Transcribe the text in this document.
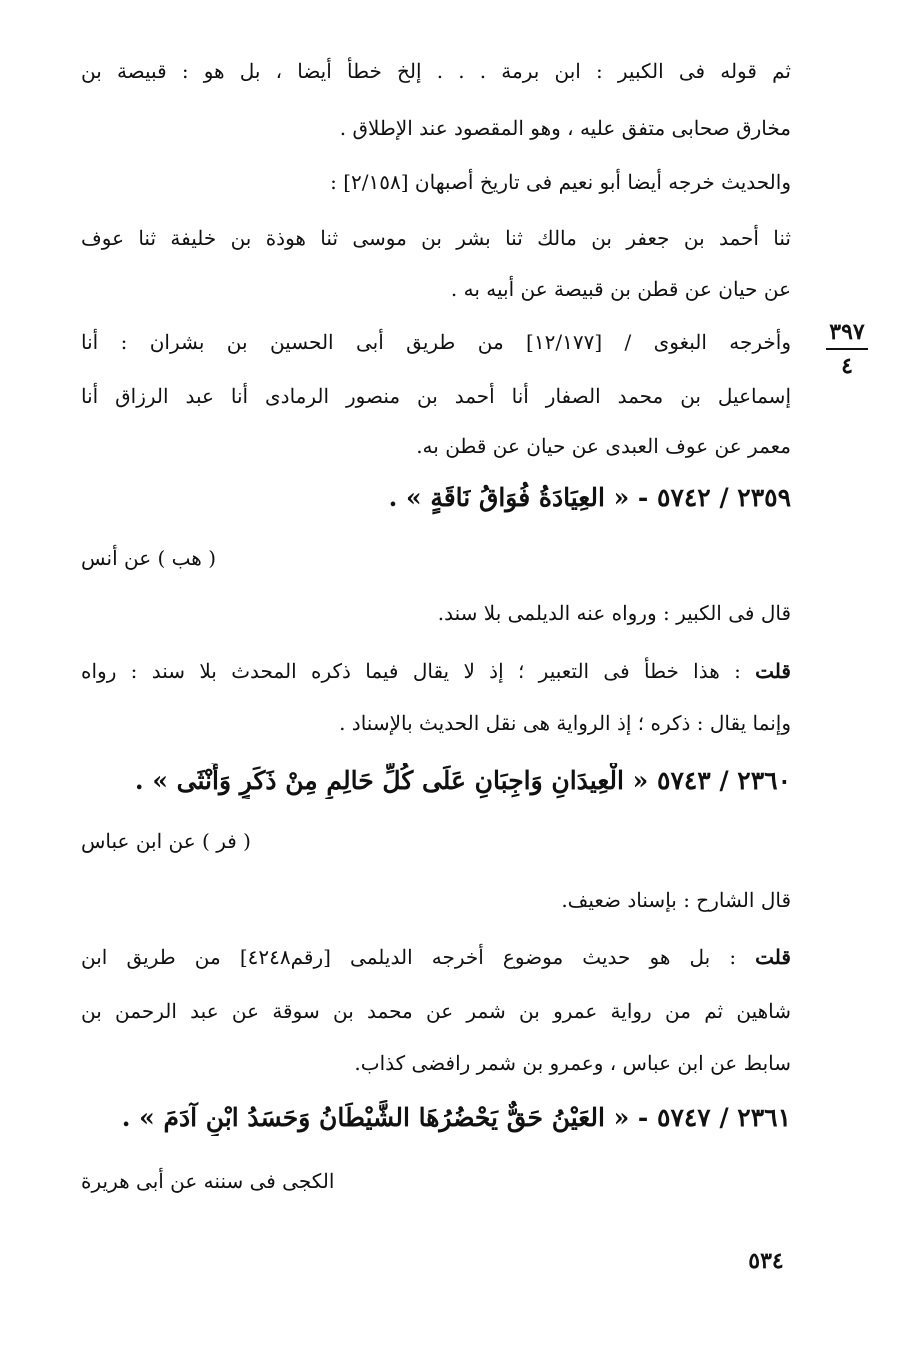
٣٩٧
٤
ثم قوله فى الكبير : ابن برمة . . . إلخ خطأ أيضا ، بل هو : قبيصة بن
مخارق صحابى متفق عليه ، وهو المقصود عند الإطلاق .
والحديث خرجه أيضا أبو نعيم فى تاريخ أصبهان [٢/١٥٨] :
ثنا أحمد بن جعفر بن مالك ثنا بشر بن موسى ثنا هوذة بن خليفة ثنا عوف
عن حيان عن قطن بن قبيصة عن أبيه به .
وأخرجه البغوى / [١٢/١٧٧] من طريق أبى الحسين بن بشران : أنا
إسماعيل بن محمد الصفار أنا أحمد بن منصور الرمادى أنا عبد الرزاق أنا
معمر عن عوف العبدى عن حيان عن قطن به.
٢٣٥٩ / ٥٧٤٢ - « العِيَادَةُ فُوَاقُ نَاقَةٍ » .
( هب ) عن أنس
قال فى الكبير : ورواه عنه الديلمى بلا سند.
قلت : هذا خطأ فى التعبير ؛ إذ لا يقال فيما ذكره المحدث بلا سند : رواه
وإنما يقال : ذكره ؛ إذ الرواية هى نقل الحديث بالإسناد .
٢٣٦٠ / ٥٧٤٣ « الْعِيدَانِ وَاجِبَانِ عَلَى كُلِّ حَالِمٍ مِنْ ذَكَرٍ وَأُنْثَى » .
( فر ) عن ابن عباس
قال الشارح : بإسناد ضعيف.
قلت : بل هو حديث موضوع أخرجه الديلمى [رقم٤٢٤٨] من طريق ابن
شاهين ثم من رواية عمرو بن شمر عن محمد بن سوقة عن عبد الرحمن بن
سابط عن ابن عباس ، وعمرو بن شمر رافضى كذاب.
٢٣٦١ / ٥٧٤٧ - « العَيْنُ حَقٌّ يَحْضُرُهَا الشَّيْطَانُ وَحَسَدُ ابْنِ آدَمَ » .
الكجى فى سننه عن أبى هريرة
٥٣٤
